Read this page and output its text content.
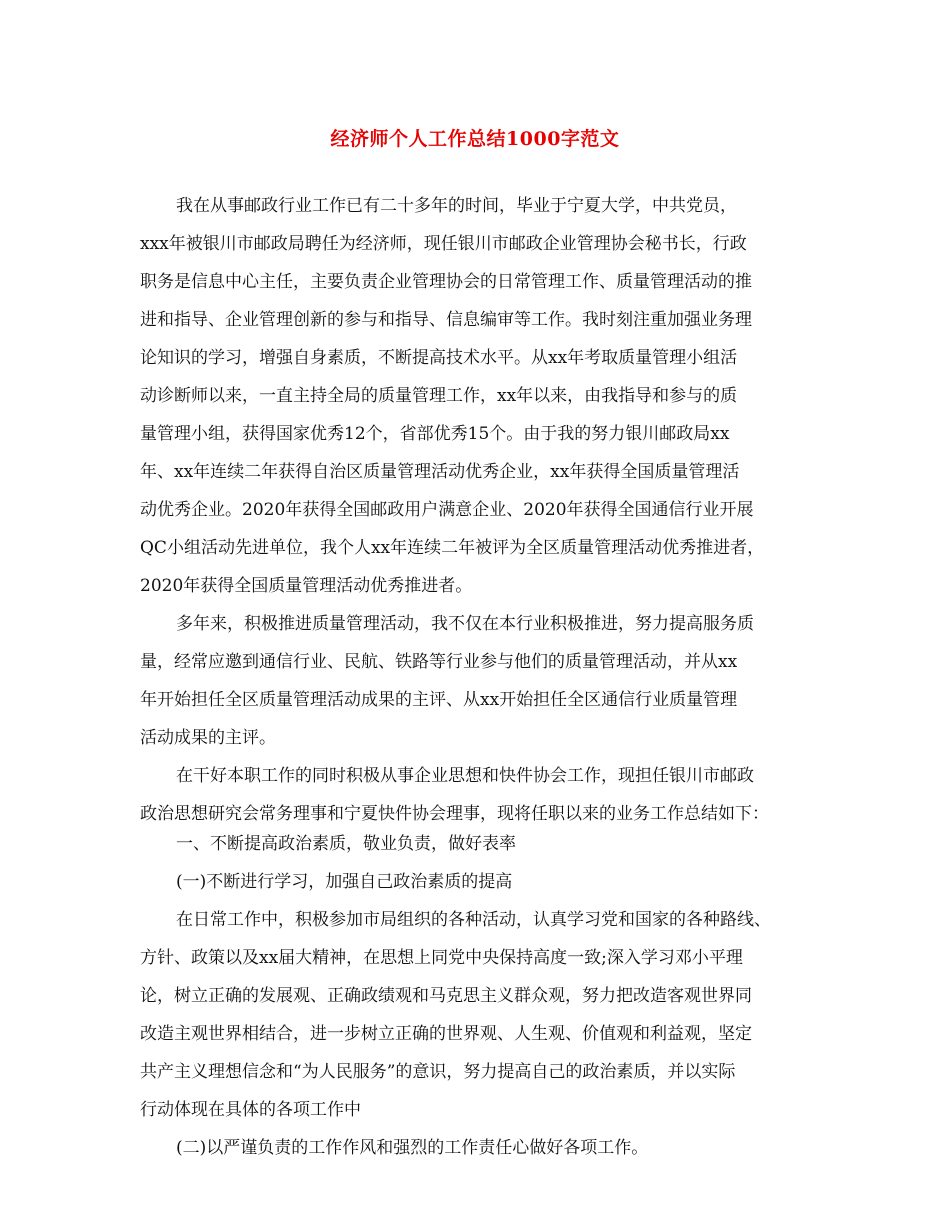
经济师个人工作总结1000字范文
我在从事邮政行业工作已有二十多年的时间，毕业于宁夏大学，中共党员，
xxx年被银川市邮政局聘任为经济师，现任银川市邮政企业管理协会秘书长，行政
职务是信息中心主任，主要负责企业管理协会的日常管理工作、质量管理活动的推
进和指导、企业管理创新的参与和指导、信息编审等工作。我时刻注重加强业务理
论知识的学习，增强自身素质，不断提高技术水平。从xx年考取质量管理小组活
动诊断师以来，一直主持全局的质量管理工作，xx年以来，由我指导和参与的质
量管理小组，获得国家优秀12个，省部优秀15个。由于我的努力银川邮政局xx
年、xx年连续二年获得自治区质量管理活动优秀企业，xx年获得全国质量管理活
动优秀企业。2020年获得全国邮政用户满意企业、2020年获得全国通信行业开展
QC小组活动先进单位，我个人xx年连续二年被评为全区质量管理活动优秀推进者，
2020年获得全国质量管理活动优秀推进者。
多年来，积极推进质量管理活动，我不仅在本行业积极推进，努力提高服务质
量，经常应邀到通信行业、民航、铁路等行业参与他们的质量管理活动，并从xx
年开始担任全区质量管理活动成果的主评、从xx开始担任全区通信行业质量管理
活动成果的主评。
在干好本职工作的同时积极从事企业思想和快件协会工作，现担任银川市邮政
政治思想研究会常务理事和宁夏快件协会理事，现将任职以来的业务工作总结如下：
一、不断提高政治素质，敬业负责，做好表率
(一)不断进行学习，加强自己政治素质的提高
在日常工作中，积极参加市局组织的各种活动，认真学习党和国家的各种路线、
方针、政策以及xx届大精神，在思想上同党中央保持高度一致;深入学习邓小平理
论，树立正确的发展观、正确政绩观和马克思主义群众观，努力把改造客观世界同
改造主观世界相结合，进一步树立正确的世界观、人生观、价值观和利益观，坚定
共产主义理想信念和“为人民服务”的意识，努力提高自己的政治素质，并以实际
行动体现在具体的各项工作中
(二)以严谨负责的工作作风和强烈的工作责任心做好各项工作。
